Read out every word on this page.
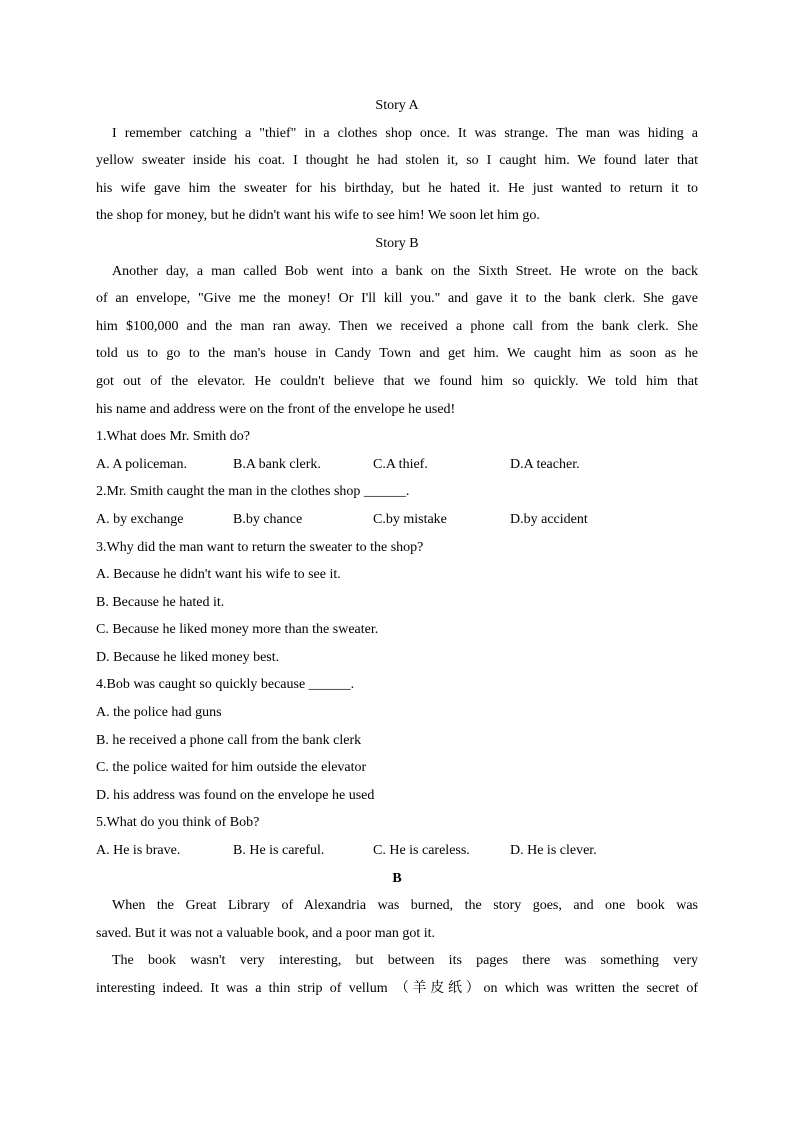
Story A
I remember catching a "thief" in a clothes shop once. It was strange. The man was hiding a
yellow sweater inside his coat. I thought he had stolen it, so I caught him. We found later that
his wife gave him the sweater for his birthday, but he hated it. He just wanted to return it to
the shop for money, but he didn't want his wife to see him! We soon let him go.
Story B
Another day, a man called Bob went into a bank on the Sixth Street. He wrote on the back
of an envelope, "Give me the money! Or I'll kill you." and gave it to the bank clerk. She gave
him $100,000 and the man ran away. Then we received a phone call from the bank clerk. She
told us to go to the man's house in Candy Town and get him. We caught him as soon as he
got out of the elevator. He couldn't believe that we found him so quickly. We told him that
his name and address were on the front of the envelope he used!
1.What does Mr. Smith do?
A. A policeman.	B.A bank clerk.	C.A thief.	D.A teacher.
2.Mr. Smith caught the man in the clothes shop ______.
A. by exchange	B.by chance	C.by mistake	D.by accident
3.Why did the man want to return the sweater to the shop?
A. Because he didn't want his wife to see it.
B. Because he hated it.
C. Because he liked money more than the sweater.
D. Because he liked money best.
4.Bob was caught so quickly because ______.
A. the police had guns
B. he received a phone call from the bank clerk
C. the police waited for him outside the elevator
D. his address was found on the envelope he used
5.What do you think of Bob?
A. He is brave.	B. He is careful.	C. He is careless.	D. He is clever.
B
When the Great Library of Alexandria was burned, the story goes, and one book was
saved. But it was not a valuable book, and a poor man got it.
The book wasn't very interesting, but between its pages there was something very
interesting indeed. It was a thin strip of vellum （羊皮纸）on which was written the secret of
